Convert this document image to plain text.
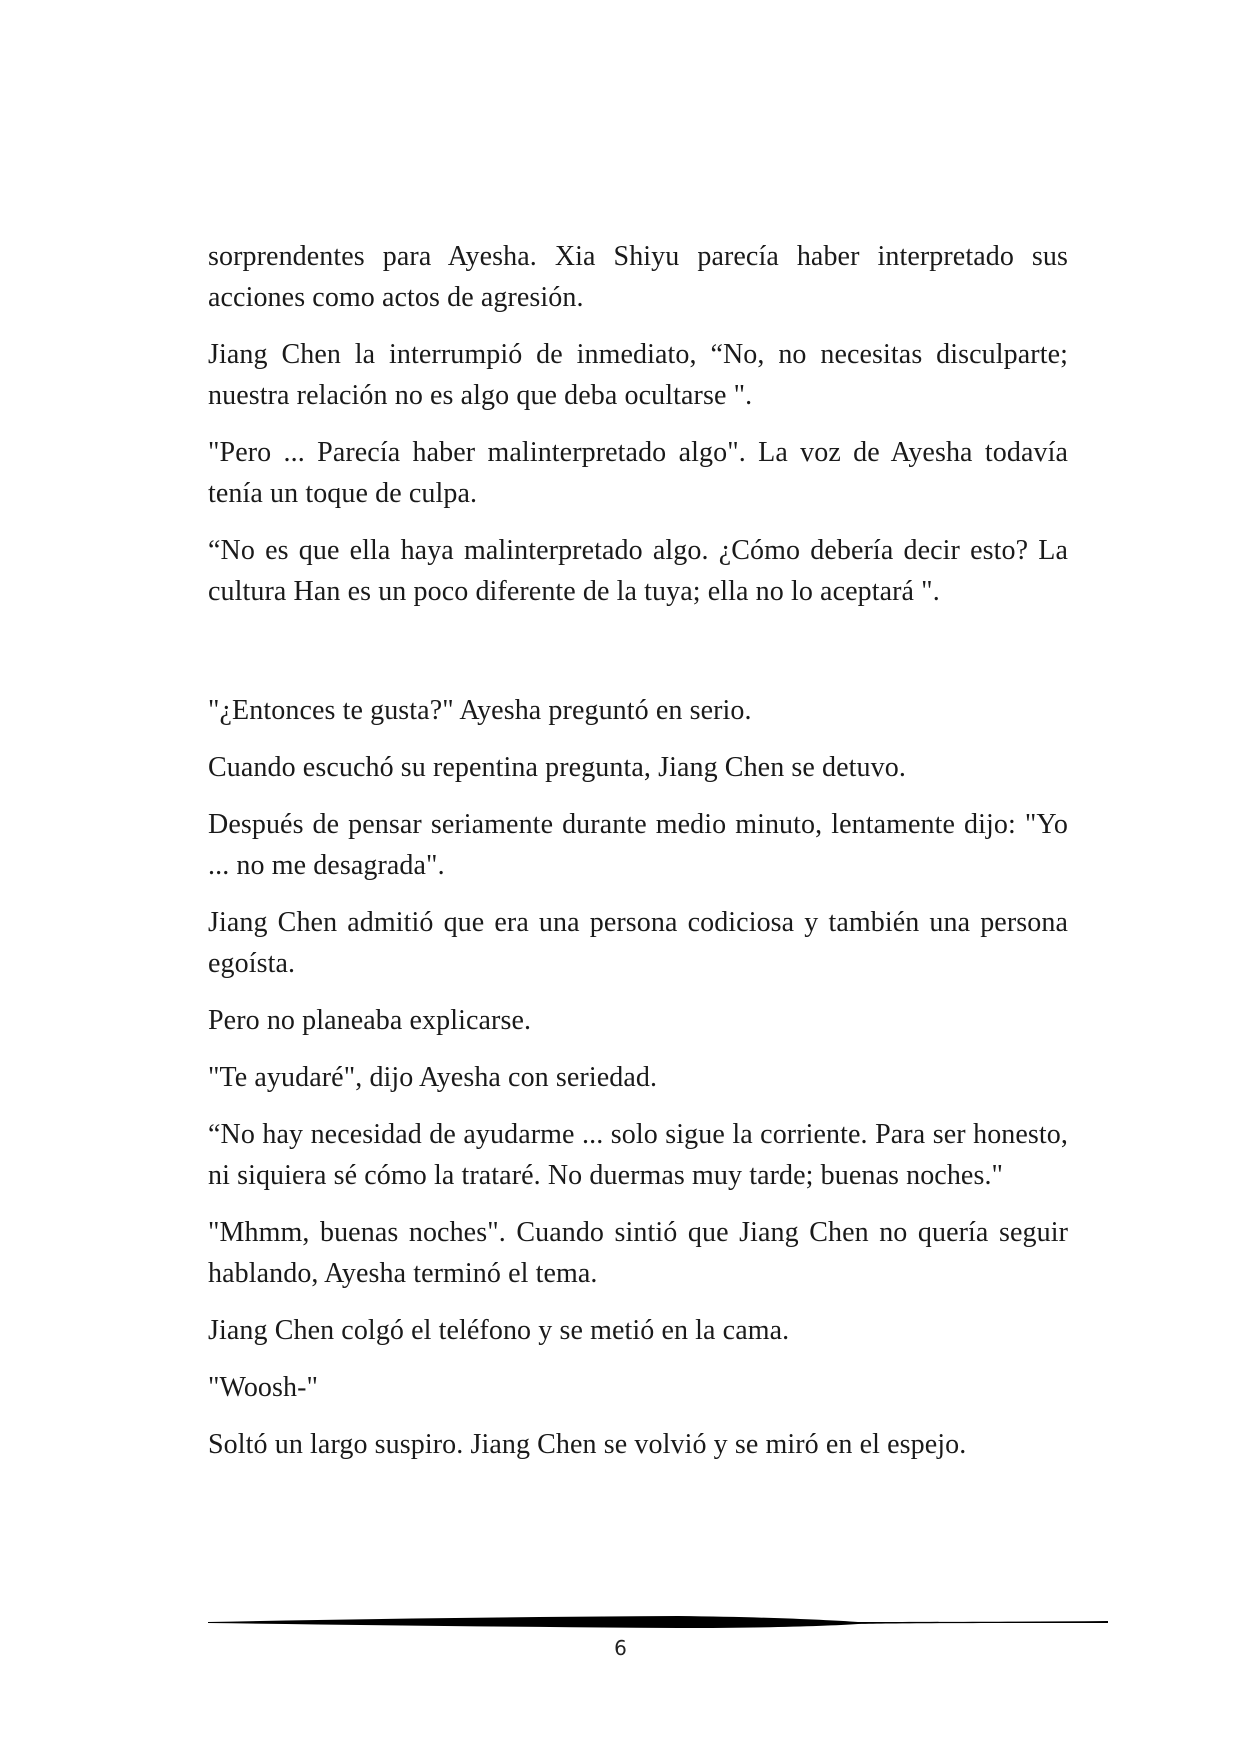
sorprendentes para Ayesha. Xia Shiyu parecía haber interpretado sus acciones como actos de agresión.

Jiang Chen la interrumpió de inmediato, “No, no necesitas disculparte; nuestra relación no es algo que deba ocultarse ".

"Pero ... Parecía haber malinterpretado algo". La voz de Ayesha todavía tenía un toque de culpa.

“No es que ella haya malinterpretado algo. ¿Cómo debería decir esto? La cultura Han es un poco diferente de la tuya; ella no lo aceptará ".

"¿Entonces te gusta?" Ayesha preguntó en serio.

Cuando escuchó su repentina pregunta, Jiang Chen se detuvo.

Después de pensar seriamente durante medio minuto, lentamente dijo: "Yo ... no me desagrada".

Jiang Chen admitió que era una persona codiciosa y también una persona egoísta.

Pero no planeaba explicarse.

"Te ayudaré", dijo Ayesha con seriedad.

“No hay necesidad de ayudarme ... solo sigue la corriente. Para ser honesto, ni siquiera sé cómo la trataré. No duermas muy tarde; buenas noches."

"Mhmm, buenas noches". Cuando sintió que Jiang Chen no quería seguir hablando, Ayesha terminó el tema.

Jiang Chen colgó el teléfono y se metió en la cama.

"Woosh-"

Soltó un largo suspiro. Jiang Chen se volvió y se miró en el espejo.

6
